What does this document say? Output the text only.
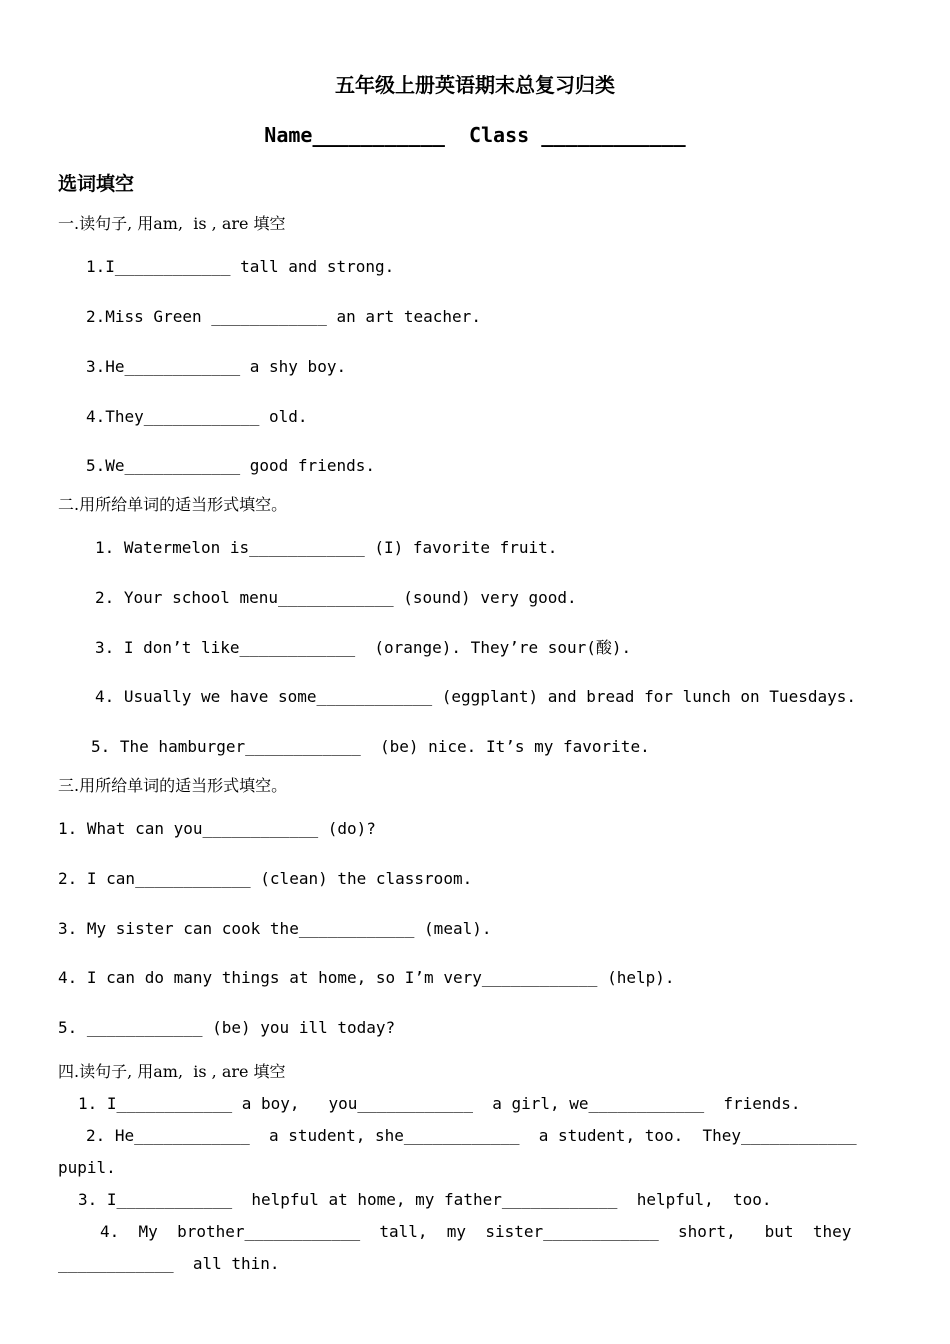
五年级上册英语期末总复习归类
Name___________  Class ____________
选词填空
一.读句子, 用am,  is , are 填空
1.I____________ tall and strong.
2.Miss Green ____________ an art teacher.
3.He____________ a shy boy.
4.They____________ old.
5.We____________ good friends.
二.用所给单词的适当形式填空。
1. Watermelon is____________ (I) favorite fruit.
2. Your school menu____________ (sound) very good.
3. I don’t like____________  (orange). They’re sour(酸).
4. Usually we have some____________ (eggplant) and bread for lunch on Tuesdays.
5. The hamburger____________  (be) nice. It’s my favorite.
三.用所给单词的适当形式填空。
1. What can you____________ (do)?
2. I can____________ (clean) the classroom.
3. My sister can cook the____________ (meal).
4. I can do many things at home, so I’m very____________ (help).
5. ____________ (be) you ill today?
四.读句子, 用am,  is , are 填空
1. I____________ a boy,   you____________  a girl, we____________  friends.
2. He____________  a student, she____________  a student, too.  They____________
pupil.
3. I____________  helpful at home, my father____________  helpful,  too.
4.  My  brother____________  tall,  my  sister____________  short,   but  they
____________  all thin.
